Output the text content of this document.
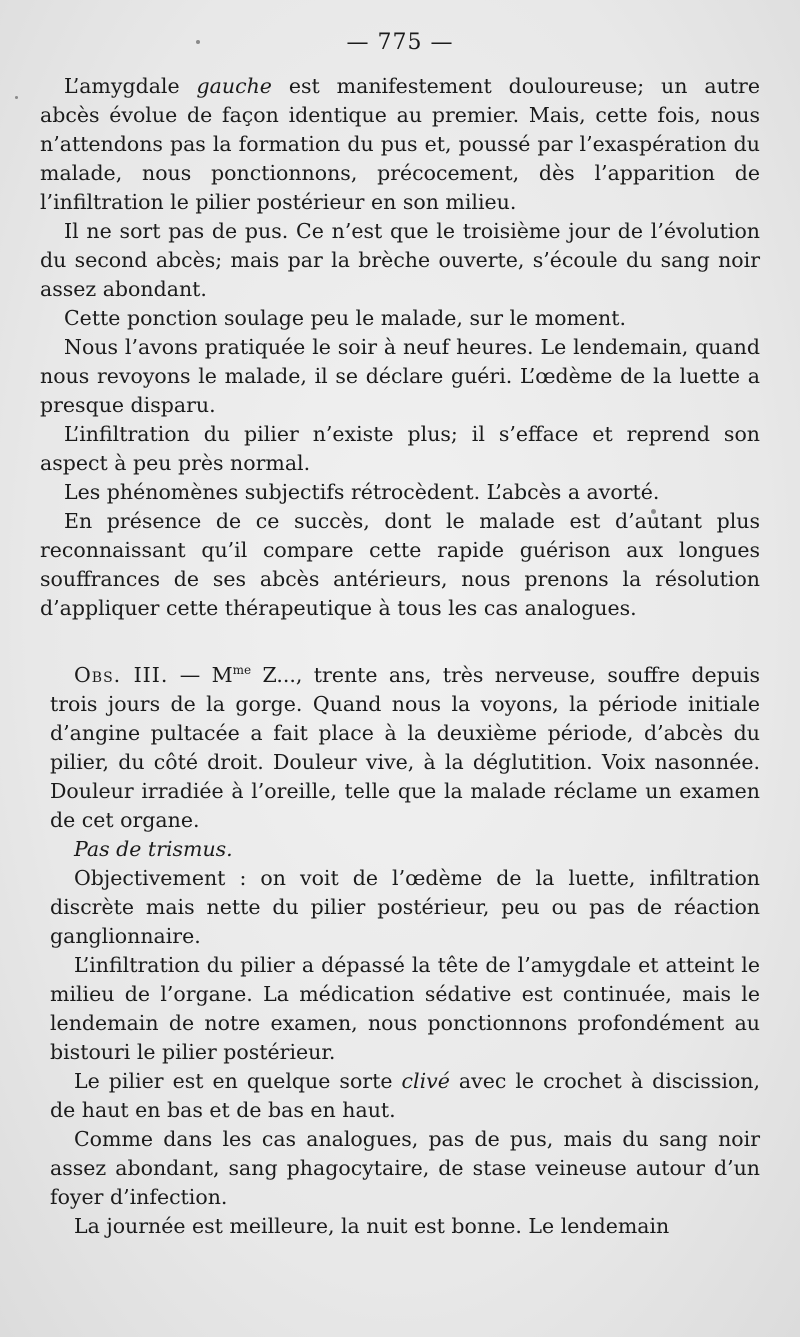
— 775 —

L’amygdale gauche est manifestement douloureuse; un autre abcès évolue de façon identique au premier. Mais, cette fois, nous n’attendons pas la formation du pus et, poussé par l’exaspération du malade, nous ponctionnons, précocement, dès l’apparition de l’infiltration le pilier postérieur en son milieu.

Il ne sort pas de pus. Ce n’est que le troisième jour de l’évolution du second abcès; mais par la brèche ouverte, s’écoule du sang noir assez abondant.

Cette ponction soulage peu le malade, sur le moment.

Nous l’avons pratiquée le soir à neuf heures. Le lendemain, quand nous revoyons le malade, il se déclare guéri. L’œdème de la luette a presque disparu.

L’infiltration du pilier n’existe plus; il s’efface et reprend son aspect à peu près normal.

Les phénomènes subjectifs rétrocèdent. L’abcès a avorté.

En présence de ce succès, dont le malade est d’autant plus reconnaissant qu’il compare cette rapide guérison aux longues souffrances de ses abcès antérieurs, nous prenons la résolution d’appliquer cette thérapeutique à tous les cas analogues.

Obs. III. — $M^{me}$ Z..., trente ans, très nerveuse, souffre depuis trois jours de la gorge. Quand nous la voyons, la période initiale d’angine pultacée a fait place à la deuxième période, d’abcès du pilier, du côté droit. Douleur vive, à la déglutition. Voix nasonnée. Douleur irradiée à l’oreille, telle que la malade réclame un examen de cet organe.

Pas de trismus.

Objectivement : on voit de l’œdème de la luette, infiltration discrète mais nette du pilier postérieur, peu ou pas de réaction ganglionnaire.

L’infiltration du pilier a dépassé la tête de l’amygdale et atteint le milieu de l’organe. La médication sédative est continuée, mais le lendemain de notre examen, nous ponctionnons profondément au bistouri le pilier postérieur.

Le pilier est en quelque sorte clivé avec le crochet à discission, de haut en bas et de bas en haut.

Comme dans les cas analogues, pas de pus, mais du sang noir assez abondant, sang phagocytaire, de stase veineuse autour d’un foyer d’infection.

La journée est meilleure, la nuit est bonne. Le lendemain
